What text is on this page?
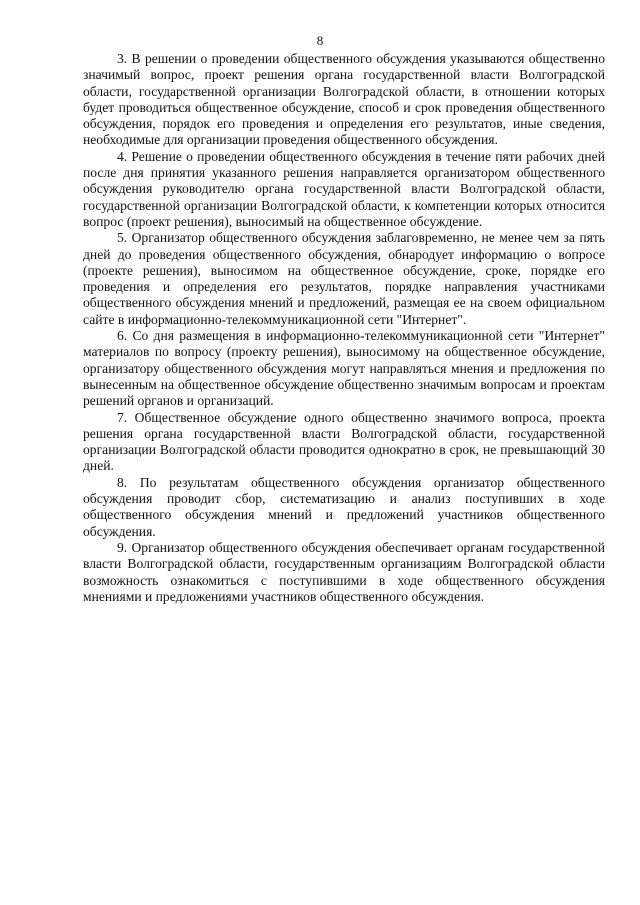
8

3. В решении о проведении общественного обсуждения указываются общественно значимый вопрос, проект решения органа государственной власти Волгоградской области, государственной организации Волгоградской области, в отношении которых будет проводиться общественное обсуждение, способ и срок проведения общественного обсуждения, порядок его проведения и определения его результатов, иные сведения, необходимые для организации проведения общественного обсуждения.

4. Решение о проведении общественного обсуждения в течение пяти рабочих дней после дня принятия указанного решения направляется организатором общественного обсуждения руководителю органа государственной власти Волгоградской области, государственной организации Волгоградской области, к компетенции которых относится вопрос (проект решения), выносимый на общественное обсуждение.

5. Организатор общественного обсуждения заблаговременно, не менее чем за пять дней до проведения общественного обсуждения, обнародует информацию о вопросе (проекте решения), выносимом на общественное обсуждение, сроке, порядке его проведения и определения его результатов, порядке направления участниками общественного обсуждения мнений и предложений, размещая ее на своем официальном сайте в информационно-телекоммуникационной сети "Интернет".

6. Со дня размещения в информационно-телекоммуникационной сети "Интернет" материалов по вопросу (проекту решения), выносимому на общественное обсуждение, организатору общественного обсуждения могут направляться мнения и предложения по вынесенным на общественное обсуждение общественно значимым вопросам и проектам решений органов и организаций.

7. Общественное обсуждение одного общественно значимого вопроса, проекта решения органа государственной власти Волгоградской области, государственной организации Волгоградской области проводится однократно в срок, не превышающий 30 дней.

8. По результатам общественного обсуждения организатор общественного обсуждения проводит сбор, систематизацию и анализ поступивших в ходе общественного обсуждения мнений и предложений участников общественного обсуждения.

9. Организатор общественного обсуждения обеспечивает органам государственной власти Волгоградской области, государственным организациям Волгоградской области возможность ознакомиться с поступившими в ходе общественного обсуждения мнениями и предложениями участников общественного обсуждения.
